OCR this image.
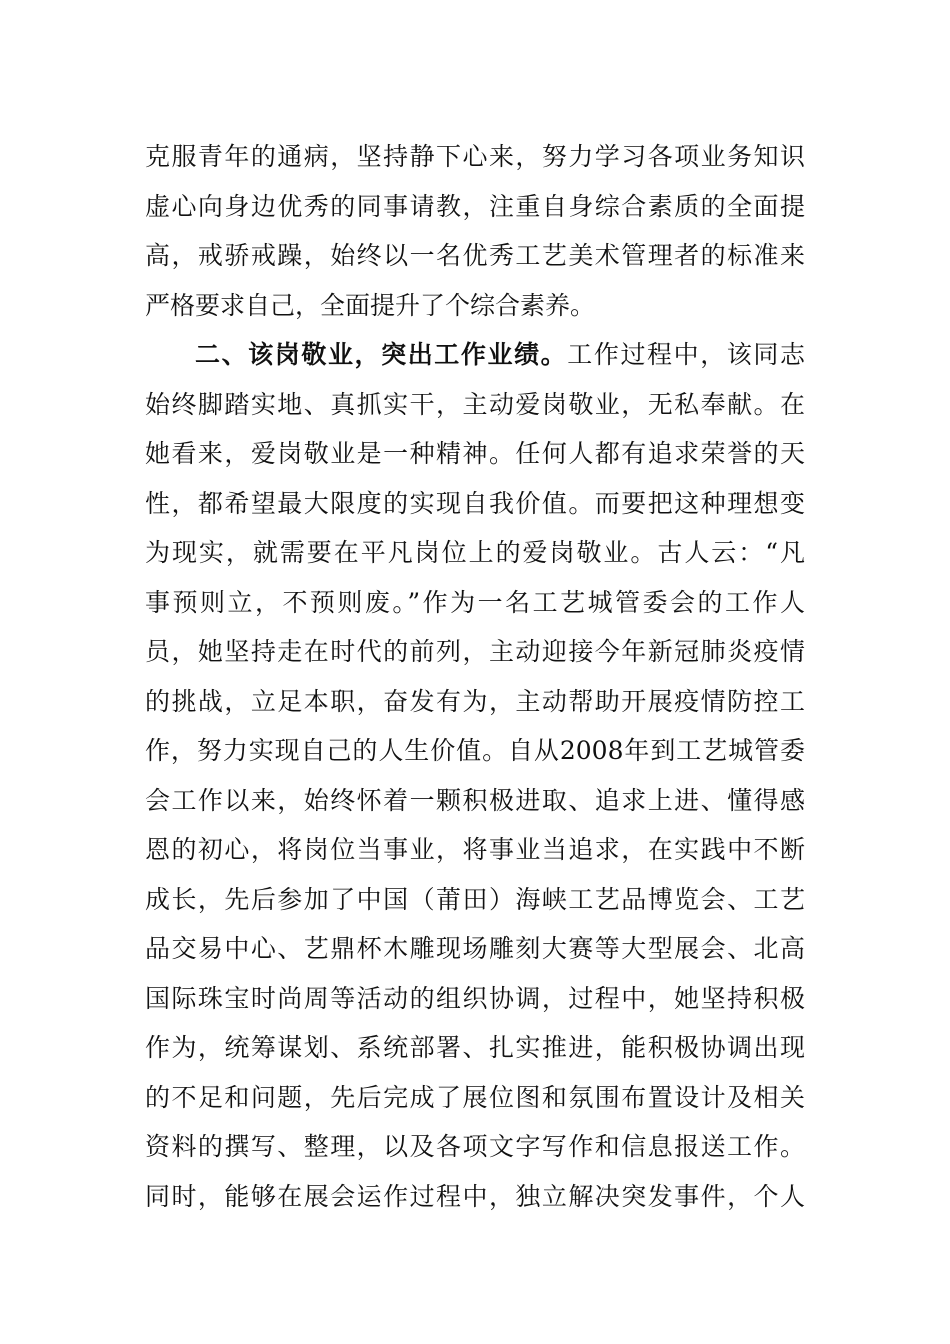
克服青年的通病，坚持静下心来，努力学习各项业务知识
虚心向身边优秀的同事请教，注重自身综合素质的全面提
高，戒骄戒躁，始终以一名优秀工艺美术管理者的标准来
严格要求自己，全面提升了个综合素养。
二、该岗敬业，突出工作业绩。工作过程中，该同志
始终脚踏实地、真抓实干，主动爱岗敬业，无私奉献。在
她看来，爱岗敬业是一种精神。任何人都有追求荣誉的天
性，都希望最大限度的实现自我价值。而要把这种理想变
为现实，就需要在平凡岗位上的爱岗敬业。古人云：“凡
事预则立，不预则废。”作为一名工艺城管委会的工作人
员，她坚持走在时代的前列，主动迎接今年新冠肺炎疫情
的挑战，立足本职，奋发有为，主动帮助开展疫情防控工
作，努力实现自己的人生价值。自从2008年到工艺城管委
会工作以来，始终怀着一颗积极进取、追求上进、懂得感
恩的初心，将岗位当事业，将事业当追求，在实践中不断
成长，先后参加了中国（莆田）海峡工艺品博览会、工艺
品交易中心、艺鼎杯木雕现场雕刻大赛等大型展会、北高
国际珠宝时尚周等活动的组织协调，过程中，她坚持积极
作为，统筹谋划、系统部署、扎实推进，能积极协调出现
的不足和问题，先后完成了展位图和氛围布置设计及相关
资料的撰写、整理，以及各项文字写作和信息报送工作。
同时，能够在展会运作过程中，独立解决突发事件，个人
